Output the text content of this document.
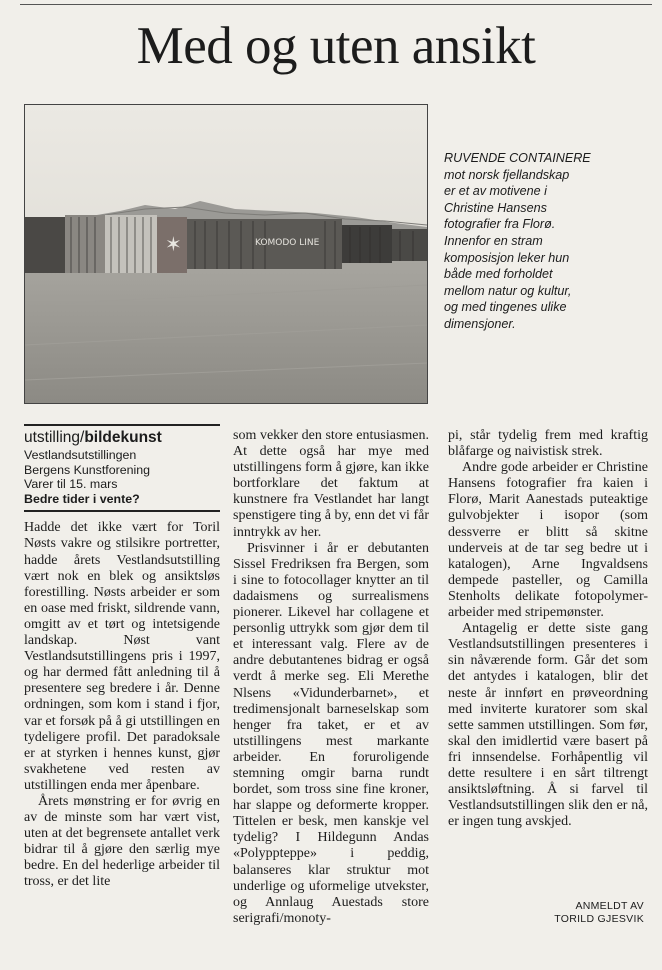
Med og uten ansikt
✶	KOMODO LINE
RUVENDE CONTAINERE
mot norsk fjellandskap
er et av motivene i
Christine Hansens
fotografier fra Florø.
Innenfor en stram
komposisjon leker hun
både med forholdet
mellom natur og kultur,
og med tingenes ulike
dimensjoner.
utstilling/bildekunst
Vestlandsutstillingen
Bergens Kunstforening
Varer til 15. mars
Bedre tider i vente?

Hadde det ikke vært for Toril Nøsts vakre og stilsikre portretter, hadde årets Vestlandsutstilling vært nok en blek og ansiktsløs forestilling. Nøsts arbeider er som en oase med friskt, sildrende vann, omgitt av et tørt og intetsigende landskap. Nøst vant Vestlandsutstillingens pris i 1997, og har dermed fått anledning til å presentere seg bredere i år. Denne ordningen, som kom i stand i fjor, var et forsøk på å gi utstillingen en tydeligere profil. Det paradoksale er at styrken i hennes kunst, gjør svakhetene ved resten av utstillingen enda mer åpenbare.

Årets mønstring er for øvrig en av de minste som har vært vist, uten at det begrensete antallet verk bidrar til å gjøre den særlig mye bedre. En del hederlige arbeider til tross, er det lite

som vekker den store entusiasmen. At dette også har mye med utstillingens form å gjøre, kan ikke bortforklare det faktum at kunstnere fra Vestlandet har langt spenstigere ting å by, enn det vi får inntrykk av her.

Prisvinner i år er debutanten Sissel Fredriksen fra Bergen, som i sine to fotocollager knytter an til dadaismens og surrealismens pionerer. Likevel har collagene et personlig uttrykk som gjør dem til et interessant valg. Flere av de andre debutantenes bidrag er også verdt å merke seg. Eli Merethe Nlsens «Vidunderbarnet», et tredimensjonalt barneselskap som henger fra taket, er et av utstillingens mest markante arbeider. En foruroligende stemning omgir barna rundt bordet, som tross sine fine kroner, har slappe og deformerte kropper. Tittelen er besk, men kanskje vel tydelig? I Hildegunn Andas «Polyppteppe» i peddig, balanseres klar struktur mot underlige og uformelige utvekster, og Annlaug Auestads store serigrafi/monoty-

pi, står tydelig frem med kraftig blåfarge og naivistisk strek.

Andre gode arbeider er Christine Hansens fotografier fra kaien i Florø, Marit Aanestads puteaktige gulvobjekter i isopor (som dessverre er blitt så skitne underveis at de tar seg bedre ut i katalogen), Arne Ingvaldsens dempede pasteller, og Camilla Stenholts delikate fotopolymer-arbeider med stripemønster.

Antagelig er dette siste gang Vestlandsutstillingen presenteres i sin nåværende form. Går det som det antydes i katalogen, blir det neste år innført en prøveordning med inviterte kuratorer som skal sette sammen utstillingen. Som før, skal den imidlertid være basert på fri innsendelse. Forhåpentlig vil dette resultere i en sårt tiltrengt ansiktsløftning. Å si farvel til Vestlandsutstillingen slik den er nå, er ingen tung avskjed.

ANMELDT AV
TORILD GJESVIK
